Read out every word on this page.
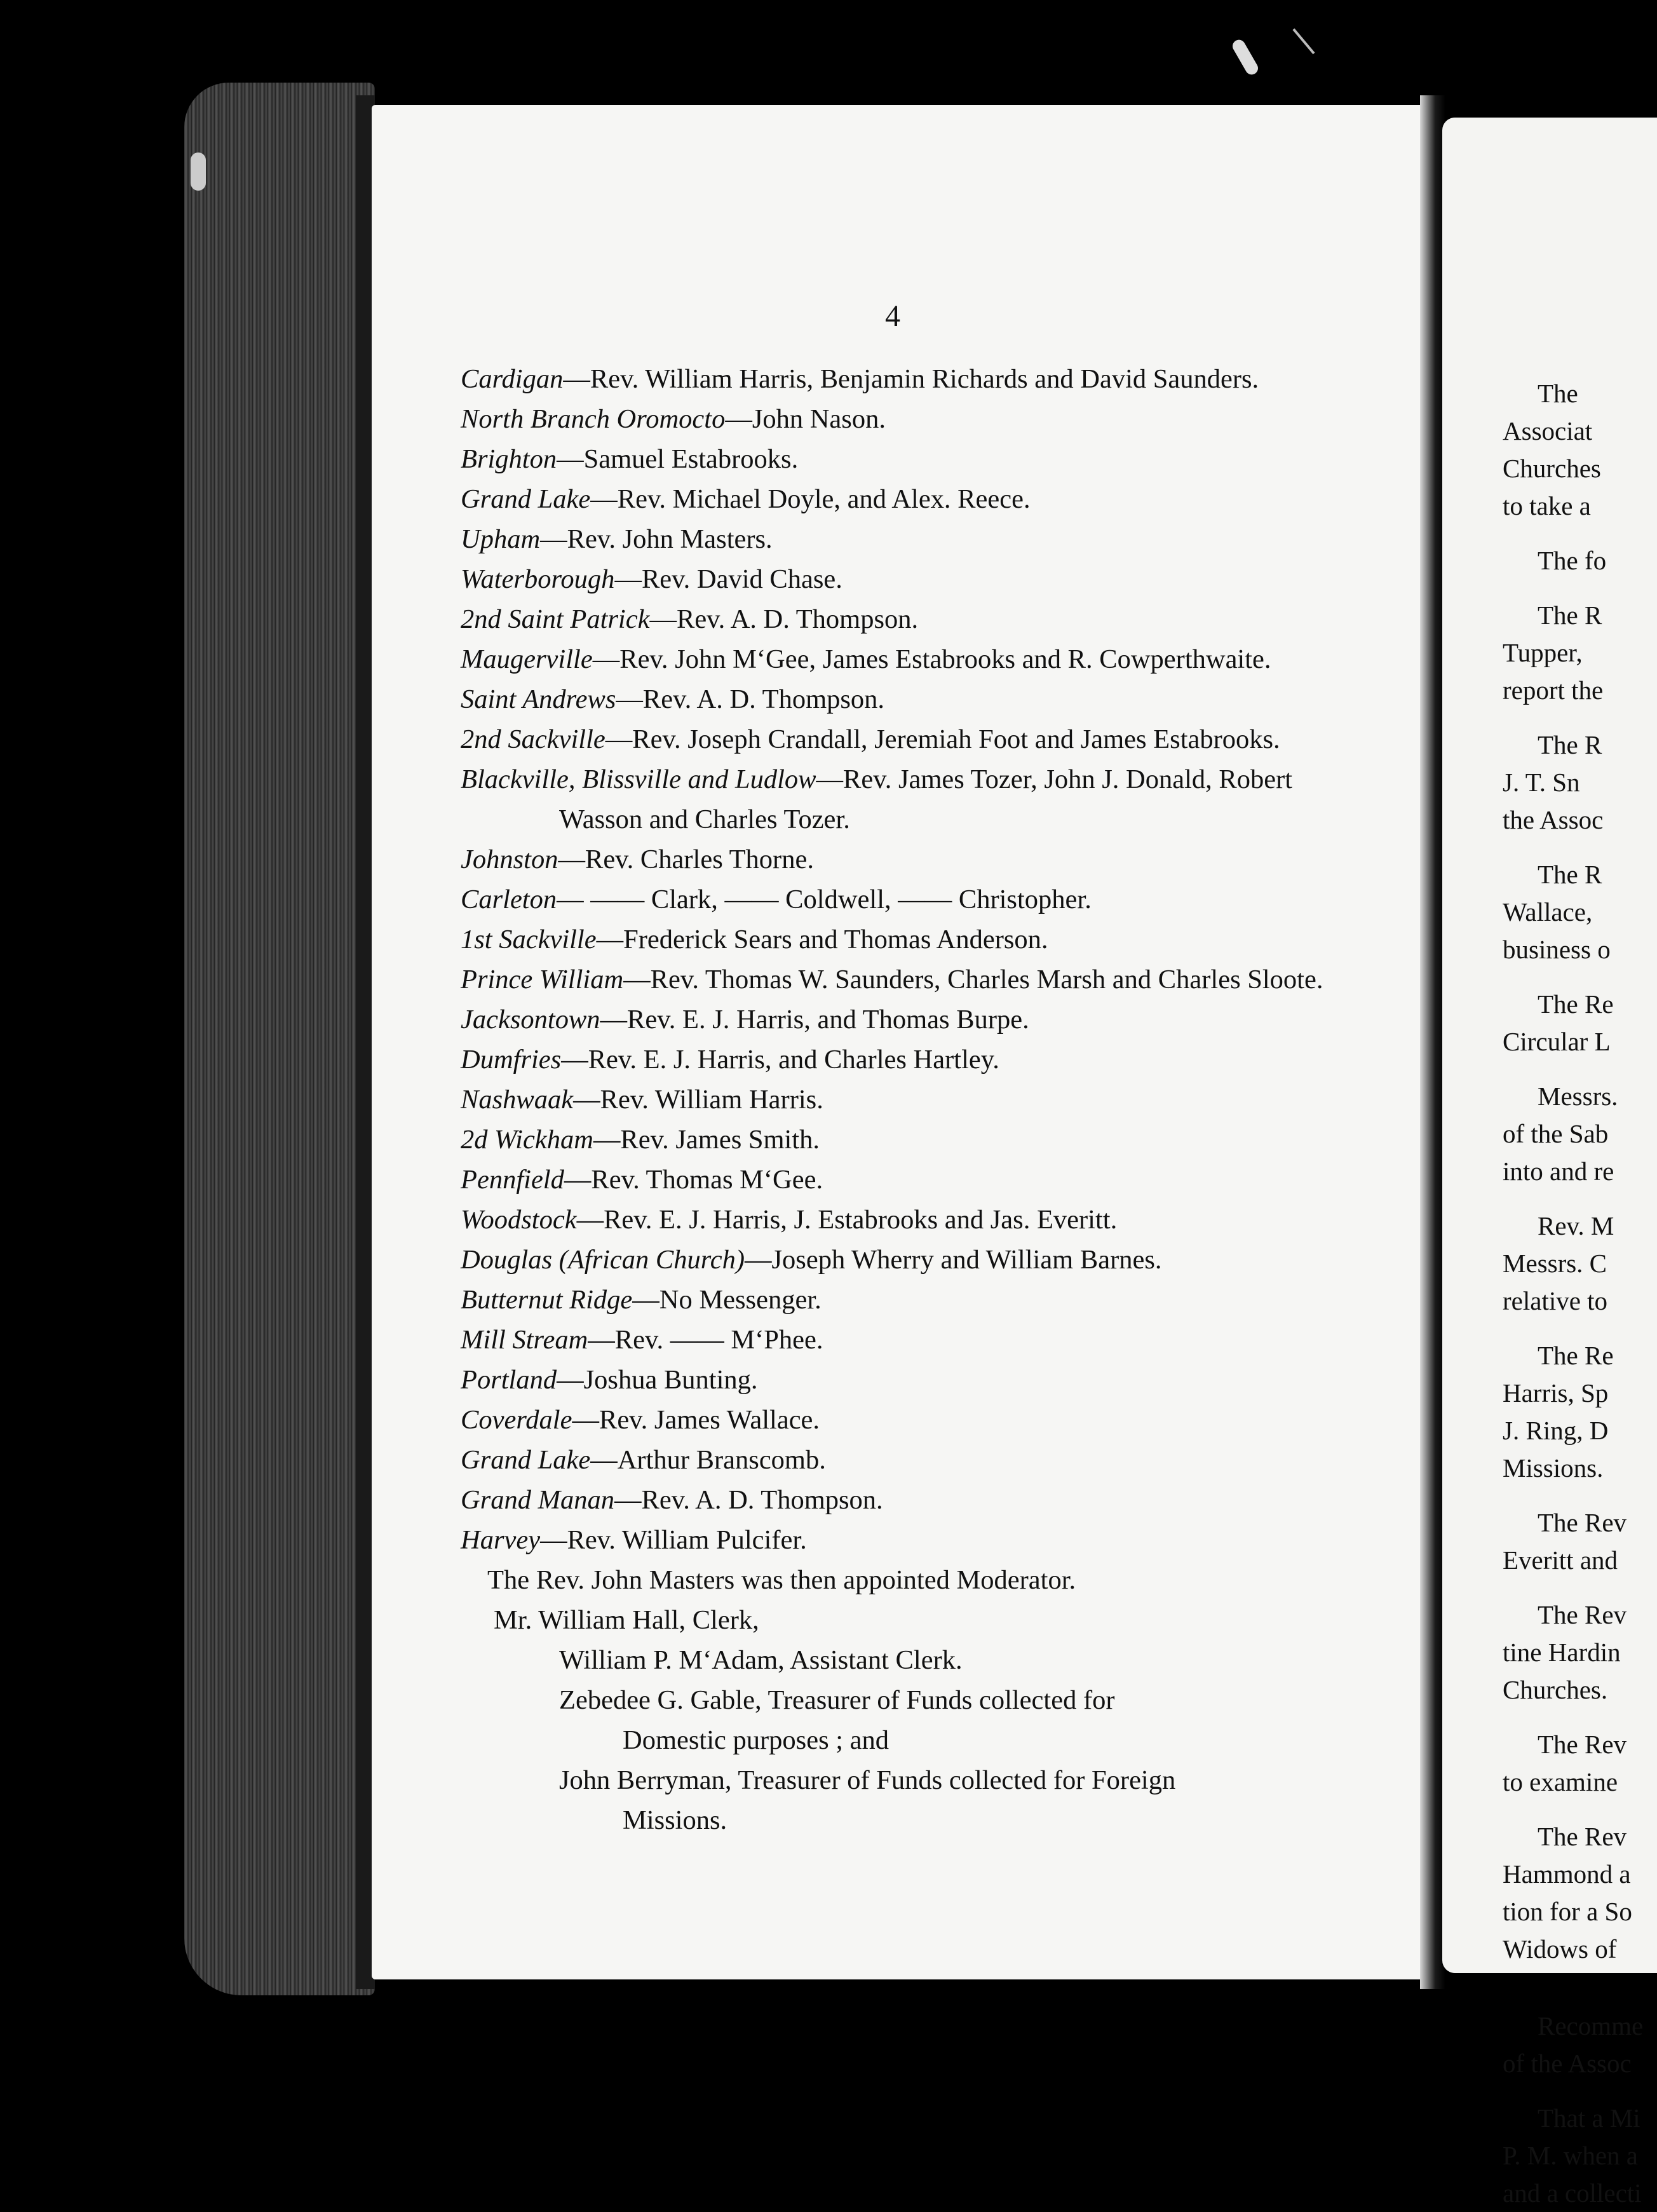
4
Cardigan—Rev. William Harris, Benjamin Richards and David Saunders.
North Branch Oromocto—John Nason.
Brighton—Samuel Estabrooks.
Grand Lake—Rev. Michael Doyle, and Alex. Reece.
Upham—Rev. John Masters.
Waterborough—Rev. David Chase.
2nd Saint Patrick—Rev. A. D. Thompson.
Maugerville—Rev. John M‘Gee, James Estabrooks and R. Cowperthwaite.
Saint Andrews—Rev. A. D. Thompson.
2nd Sackville—Rev. Joseph Crandall, Jeremiah Foot and James Estabrooks.
Blackville, Blissville and Ludlow—Rev. James Tozer, John J. Donald, Robert Wasson and Charles Tozer.
Johnston—Rev. Charles Thorne.
Carleton— —— Clark, —— Coldwell, —— Christopher.
1st Sackville—Frederick Sears and Thomas Anderson.
Prince William—Rev. Thomas W. Saunders, Charles Marsh and Charles Sloote.
Jacksontown—Rev. E. J. Harris, and Thomas Burpe.
Dumfries—Rev. E. J. Harris, and Charles Hartley.
Nashwaak—Rev. William Harris.
2d Wickham—Rev. James Smith.
Pennfield—Rev. Thomas M‘Gee.
Woodstock—Rev. E. J. Harris, J. Estabrooks and Jas. Everitt.
Douglas (African Church)—Joseph Wherry and William Barnes.
Butternut Ridge—No Messenger.
Mill Stream—Rev. —— M‘Phee.
Portland—Joshua Bunting.
Coverdale—Rev. James Wallace.
Grand Lake—Arthur Branscomb.
Grand Manan—Rev. A. D. Thompson.
Harvey—Rev. William Pulcifer.
The Rev. John Masters was then appointed Moderator.
Mr. William Hall, Clerk,
William P. M‘Adam, Assistant Clerk.
Zebedee G. Gable, Treasurer of Funds collected for
Domestic purposes ; and
John Berryman, Treasurer of Funds collected for Foreign
Missions.
The
Associat
Churches
to take a
The fo
The R
Tupper,
report the
The R
J. T. Sn
the Assoc
The R
Wallace,
business o
The Re
Circular L
Messrs.
of the Sab
into and re
Rev. M
Messrs. C
relative to
The Re
Harris, Sp
J. Ring, D
Missions.
The Rev
Everitt and
The Rev
tine Hardin
Churches.
The Rev
to examine
The Rev
Hammond a
tion for a So
Widows of
Recomme
of the Assoc
That a Mi
P. M. when a
and a collecti
